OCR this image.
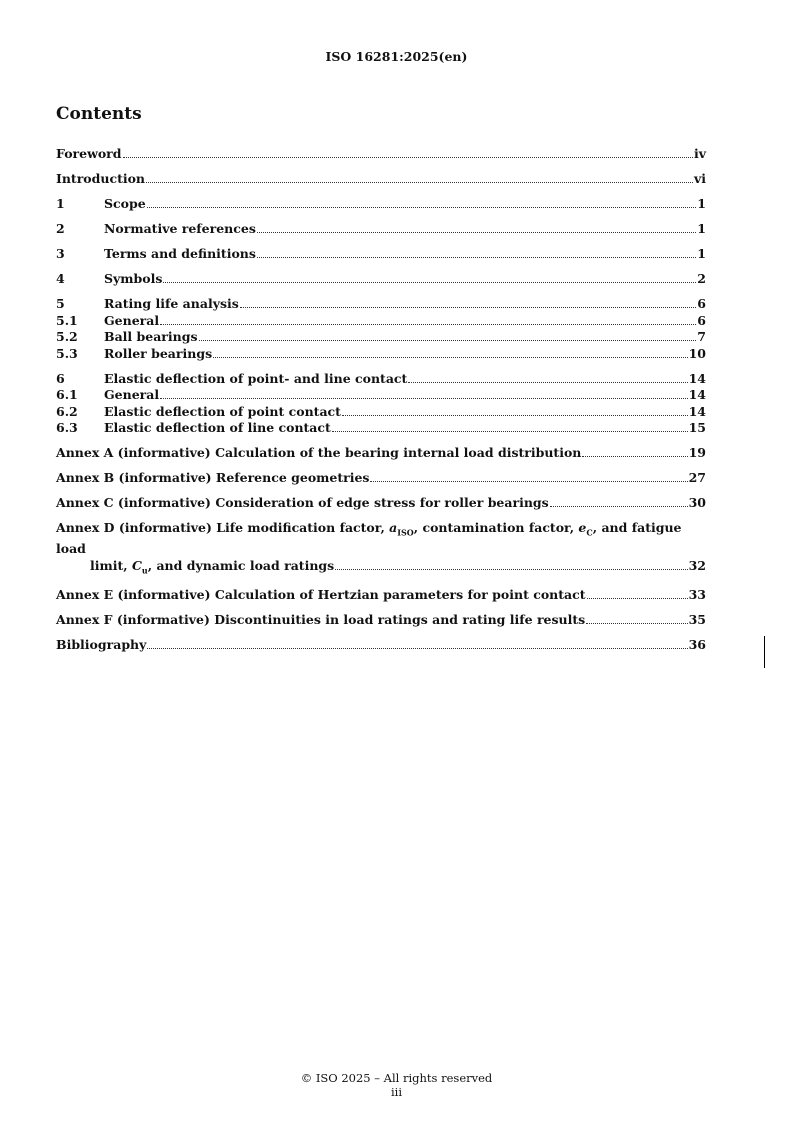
ISO 16281:2025(en)
Contents
Foreword	iv
Introduction	vi
1	Scope	1
2	Normative references	1
3	Terms and definitions	1
4	Symbols	2
5	Rating life analysis	6
5.1	General	6
5.2	Ball bearings	7
5.3	Roller bearings	10
6	Elastic deflection of point- and line contact	14
6.1	General	14
6.2	Elastic deflection of point contact	14
6.3	Elastic deflection of line contact	15
Annex A (informative) Calculation of the bearing internal load distribution	19
Annex B (informative) Reference geometries	27
Annex C (informative) Consideration of edge stress for roller bearings	30
Annex D (informative) Life modification factor, $a_{ISO}$, contamination factor, $e_C$, and fatigue load
limit, $C_u$, and dynamic load ratings	32
Annex E (informative) Calculation of Hertzian parameters for point contact	33
Annex F (informative) Discontinuities in load ratings and rating life results	35
Bibliography	36
© ISO 2025 – All rights reserved
iii
